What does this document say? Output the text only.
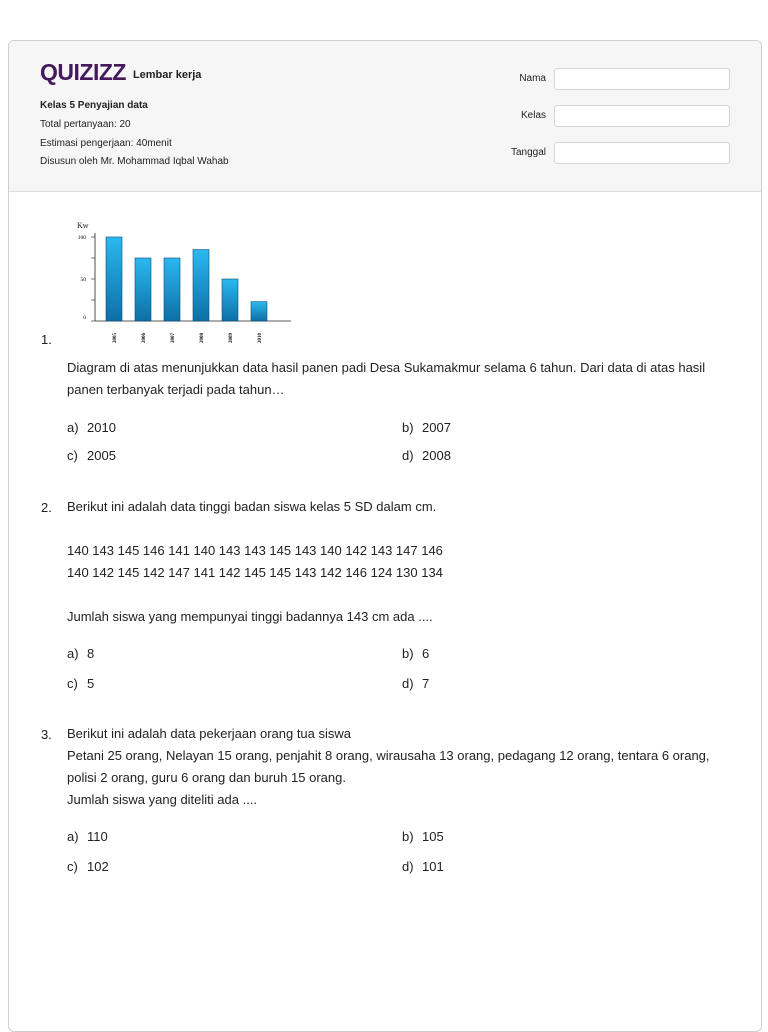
QUIZIZZ Lembar kerja
Kelas 5 Penyajian data
Total pertanyaan: 20
Estimasi pengerjaan: 40menit
Disusun oleh Mr. Mohammad Iqbal Wahab
Nama
Kelas
Tanggal
Kw
0
50
100
2005	2006	2007	2008	2009	2010
1.
Diagram di atas menunjukkan data hasil panen padi Desa Sukamakmur selama 6 tahun. Dari data di atas hasil panen terbanyak terjadi pada tahun…
a) 2010	b) 2007
c) 2005	d) 2008
2. Berikut ini adalah data tinggi badan siswa kelas 5 SD dalam cm.
140 143 145 146 141 140 143 143 145 143 140 142 143 147 146
140 142 145 142 147 141 142 145 145 143 142 146 124 130 134
Jumlah siswa yang mempunyai tinggi badannya 143 cm ada ....
a) 8	b) 6
c) 5	d) 7
3. Berikut ini adalah data pekerjaan orang tua siswa
Petani 25 orang, Nelayan 15 orang, penjahit 8 orang, wirausaha 13 orang, pedagang 12 orang, tentara 6 orang, polisi 2 orang, guru 6 orang dan buruh 15 orang.
Jumlah siswa yang diteliti ada ....
a) 110	b) 105
c) 102	d) 101
